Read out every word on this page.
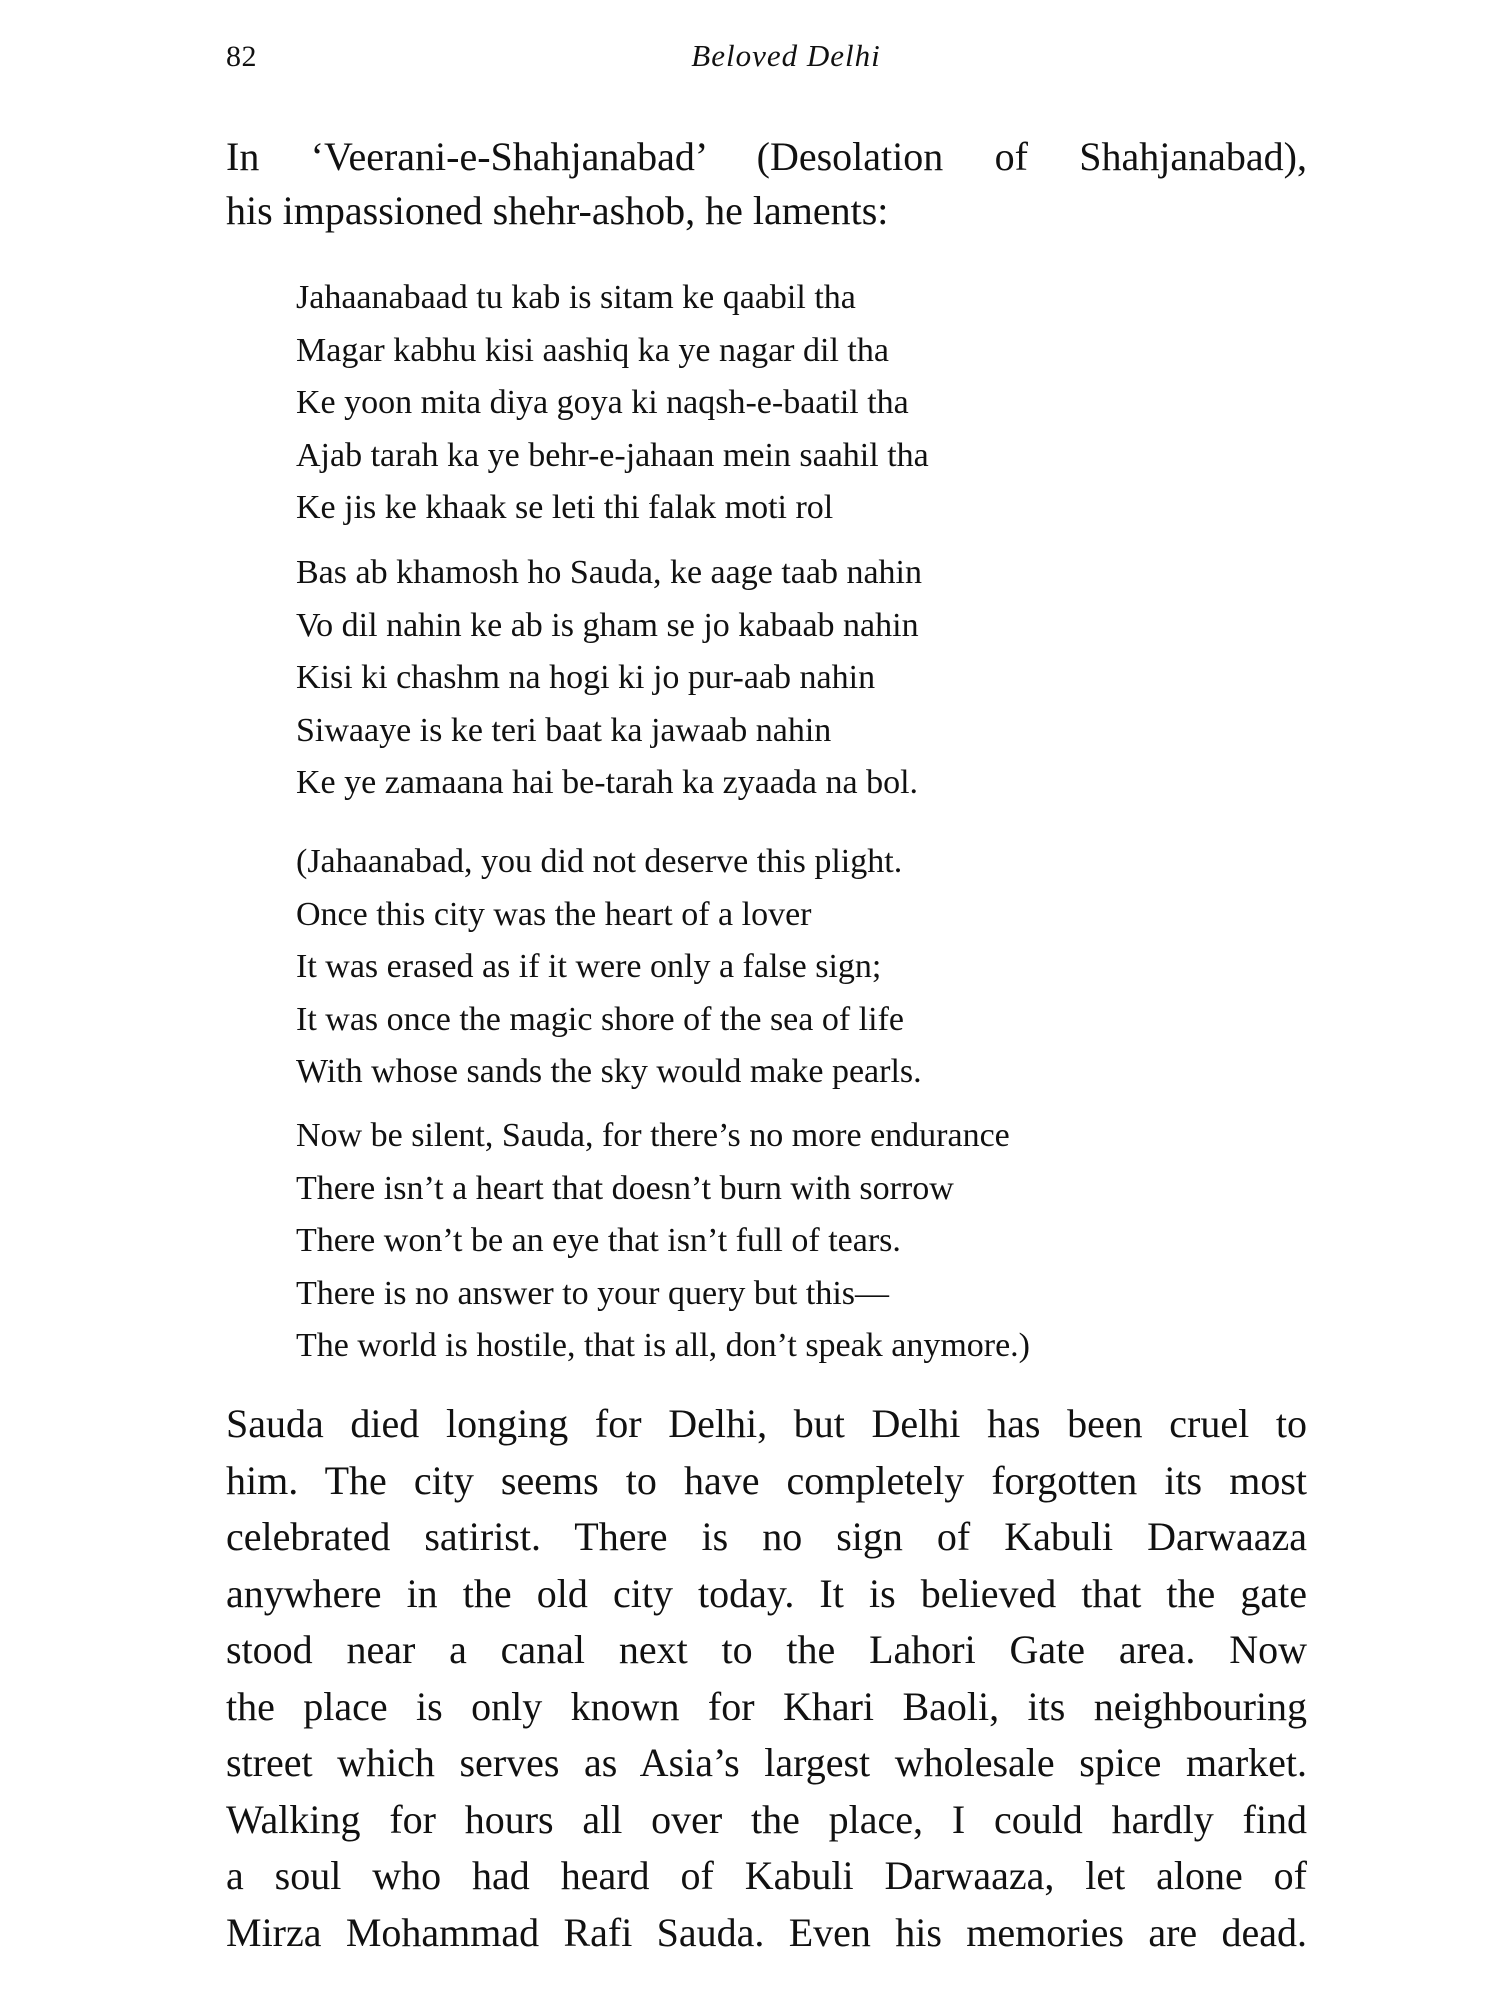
82	Beloved Delhi
In ‘Veerani-e-Shahjanabad’ (Desolation of Shahjanabad),
his impassioned shehr-ashob, he laments:
Jahaanabaad tu kab is sitam ke qaabil tha
Magar kabhu kisi aashiq ka ye nagar dil tha
Ke yoon mita diya goya ki naqsh-e-baatil tha
Ajab tarah ka ye behr-e-jahaan mein saahil tha
Ke jis ke khaak se leti thi falak moti rol
Bas ab khamosh ho Sauda, ke aage taab nahin
Vo dil nahin ke ab is gham se jo kabaab nahin
Kisi ki chashm na hogi ki jo pur-aab nahin
Siwaaye is ke teri baat ka jawaab nahin
Ke ye zamaana hai be-tarah ka zyaada na bol.
(Jahaanabad, you did not deserve this plight.
Once this city was the heart of a lover
It was erased as if it were only a false sign;
It was once the magic shore of the sea of life
With whose sands the sky would make pearls.
Now be silent, Sauda, for there’s no more endurance
There isn’t a heart that doesn’t burn with sorrow
There won’t be an eye that isn’t full of tears.
There is no answer to your query but this—
The world is hostile, that is all, don’t speak anymore.)
Sauda died longing for Delhi, but Delhi has been cruel to
him. The city seems to have completely forgotten its most
celebrated satirist. There is no sign of Kabuli Darwaaza
anywhere in the old city today. It is believed that the gate
stood near a canal next to the Lahori Gate area. Now
the place is only known for Khari Baoli, its neighbouring
street which serves as Asia’s largest wholesale spice market.
Walking for hours all over the place, I could hardly find
a soul who had heard of Kabuli Darwaaza, let alone of
Mirza Mohammad Rafi Sauda. Even his memories are dead.
